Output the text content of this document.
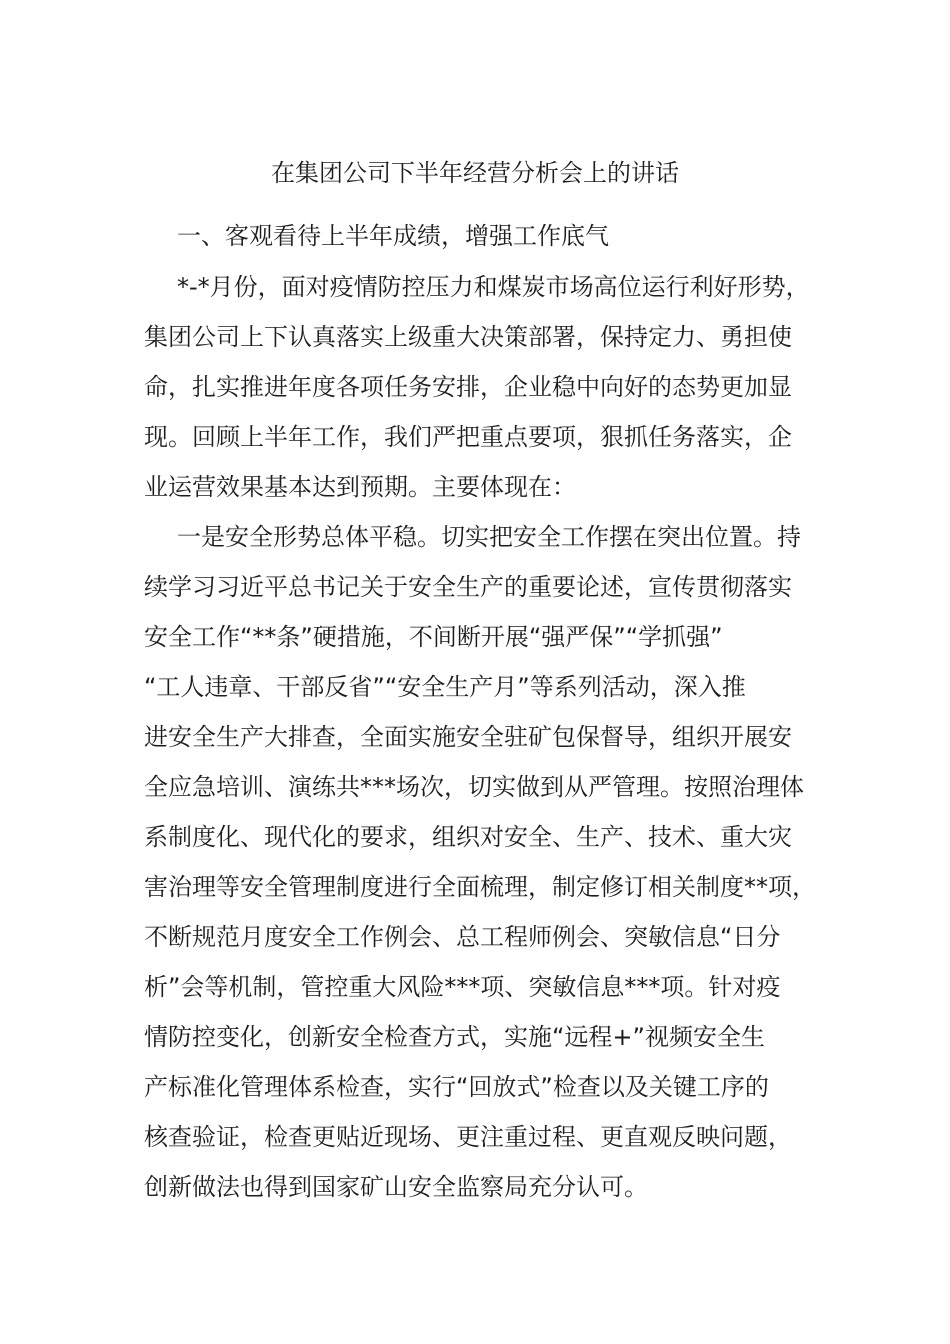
在集团公司下半年经营分析会上的讲话
一、客观看待上半年成绩，增强工作底气
*-*月份，面对疫情防控压力和煤炭市场高位运行利好形势，
集团公司上下认真落实上级重大决策部署，保持定力、勇担使
命，扎实推进年度各项任务安排，企业稳中向好的态势更加显
现。回顾上半年工作，我们严把重点要项，狠抓任务落实，企
业运营效果基本达到预期。主要体现在：
一是安全形势总体平稳。切实把安全工作摆在突出位置。持
续学习习近平总书记关于安全生产的重要论述，宣传贯彻落实
安全工作“**条”硬措施，不间断开展“强严保”“学抓强”
“工人违章、干部反省”“安全生产月”等系列活动，深入推
进安全生产大排查，全面实施安全驻矿包保督导，组织开展安
全应急培训、演练共***场次，切实做到从严管理。按照治理体
系制度化、现代化的要求，组织对安全、生产、技术、重大灾
害治理等安全管理制度进行全面梳理，制定修订相关制度**项，
不断规范月度安全工作例会、总工程师例会、突敏信息“日分
析”会等机制，管控重大风险***项、突敏信息***项。针对疫
情防控变化，创新安全检查方式，实施“远程+”视频安全生
产标准化管理体系检查，实行“回放式”检查以及关键工序的
核查验证，检查更贴近现场、更注重过程、更直观反映问题，
创新做法也得到国家矿山安全监察局充分认可。
